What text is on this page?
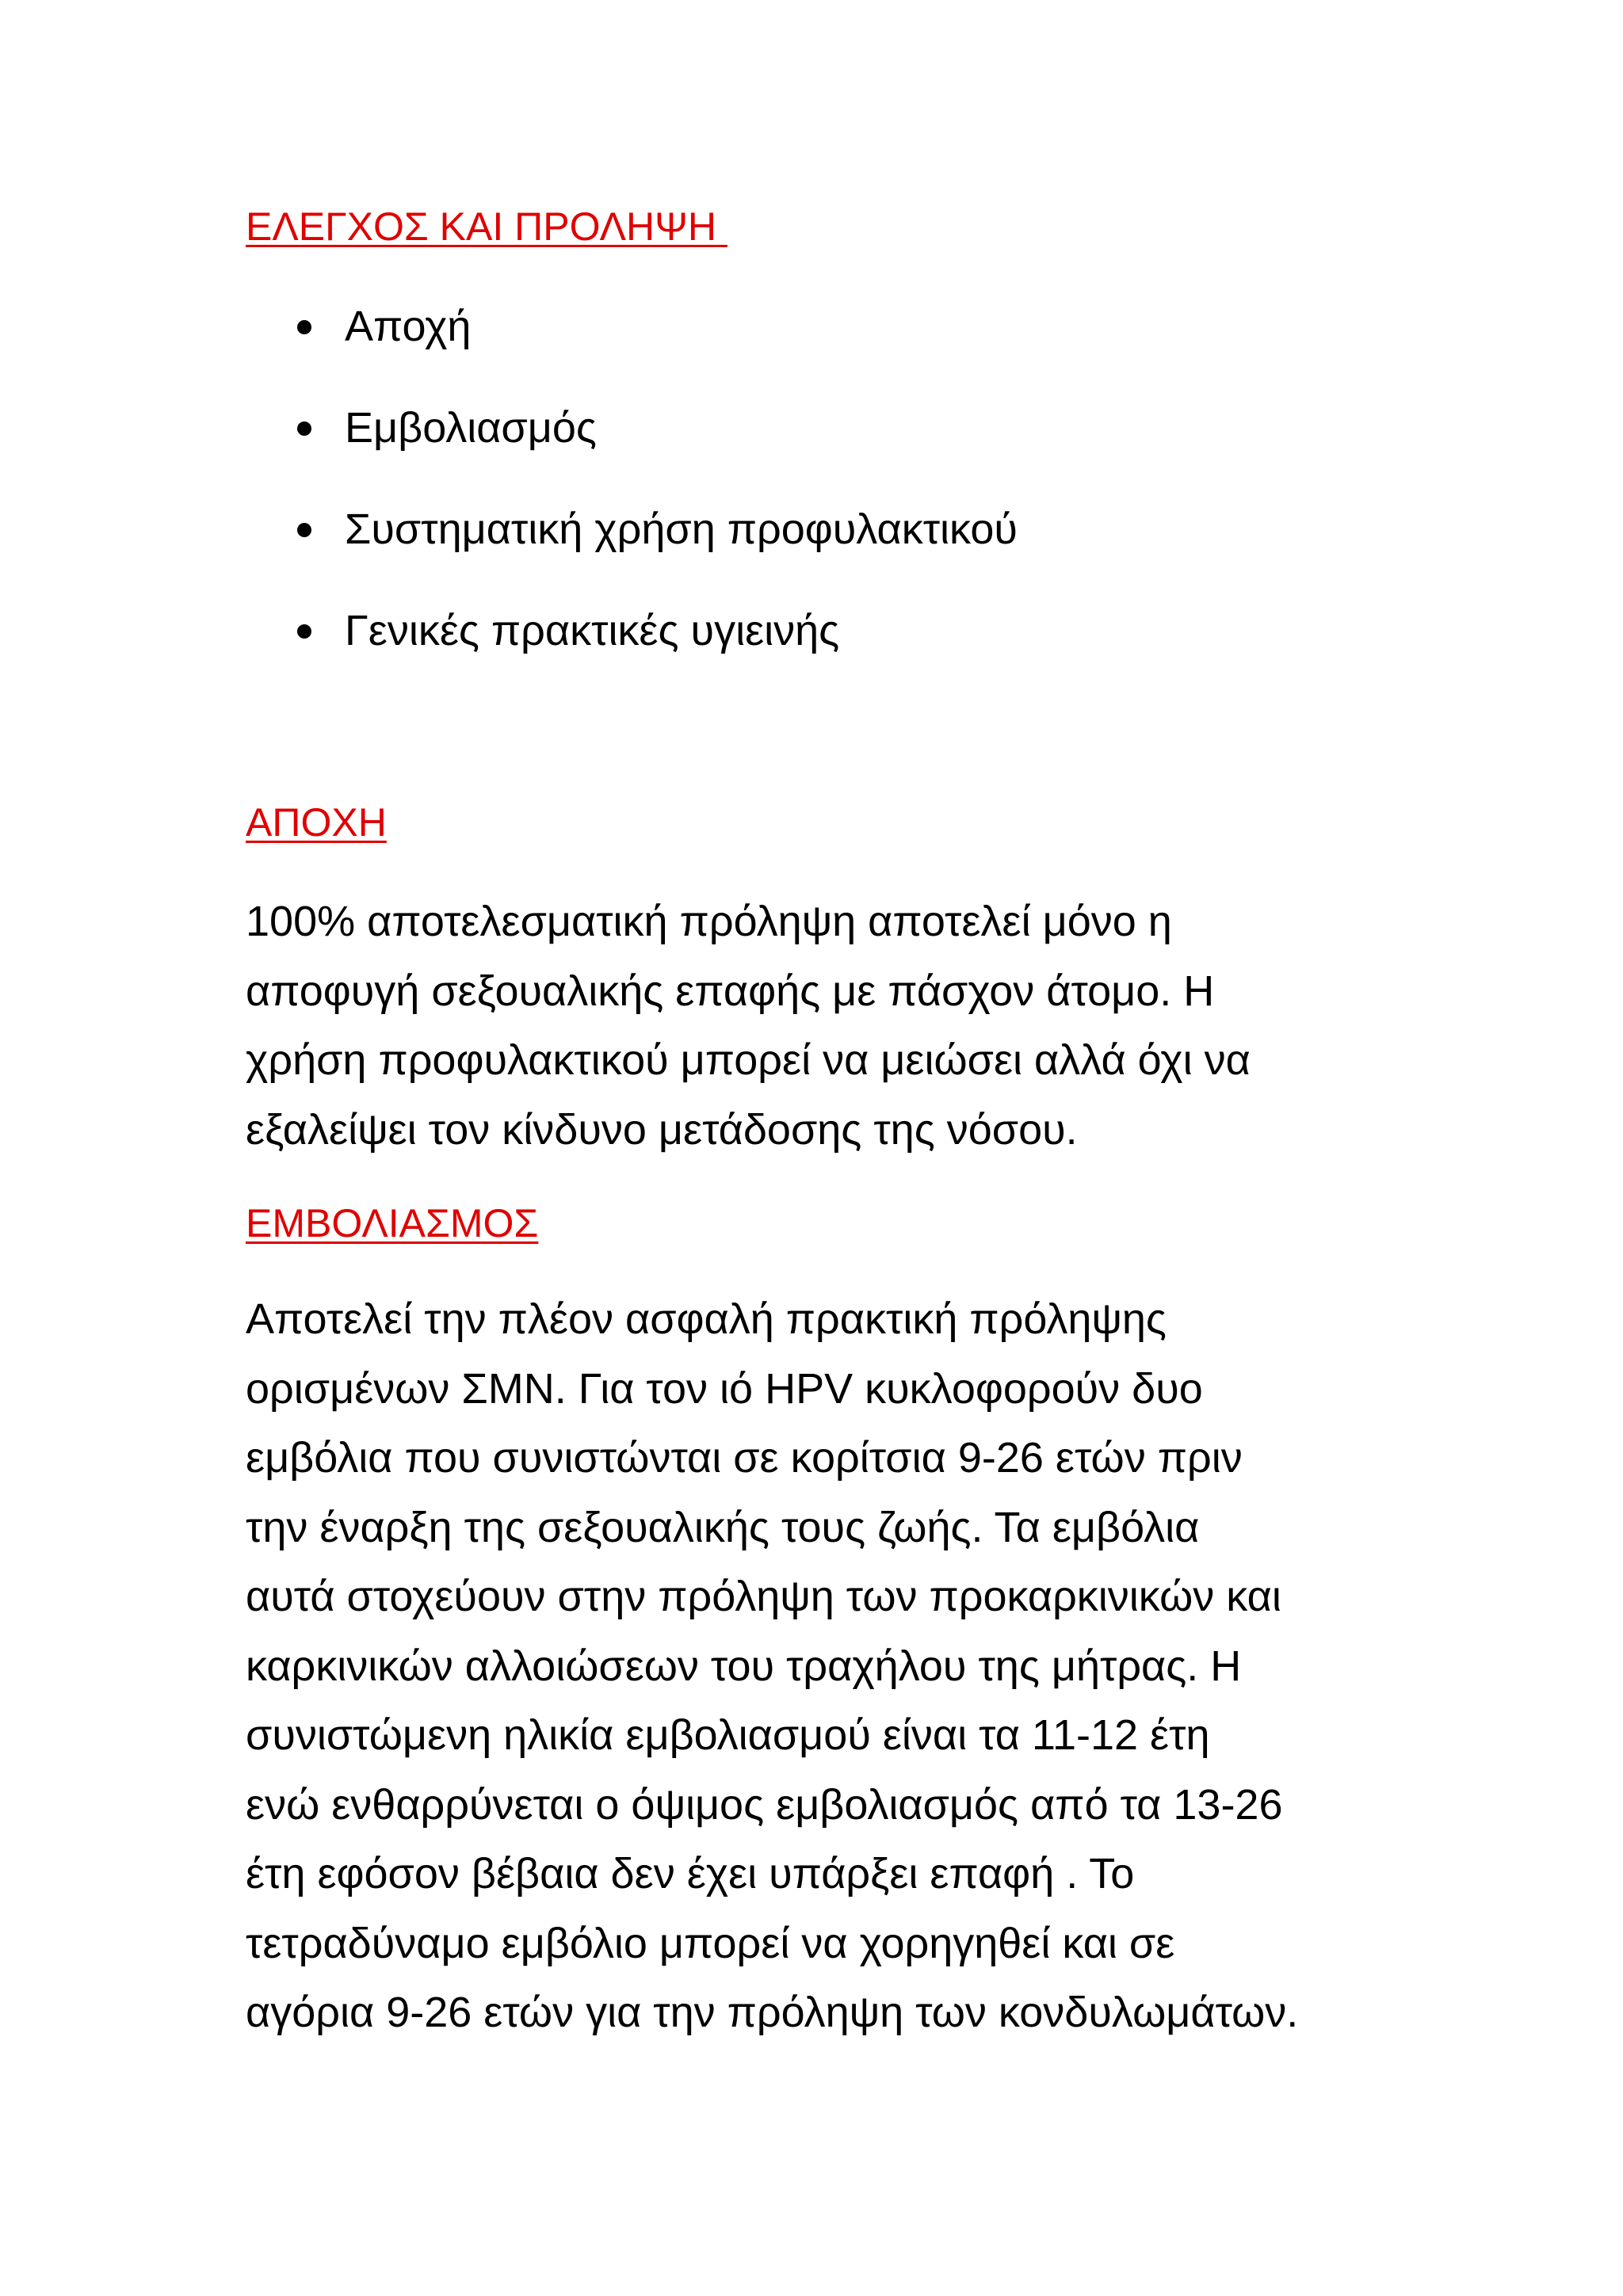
ΕΛΕΓΧΟΣ ΚΑΙ ΠΡΟΛΗΨΗ
Αποχή
Εμβολιασμός
Συστηματική χρήση προφυλακτικού
Γενικές πρακτικές υγιεινής
ΑΠΟΧΗ

100% αποτελεσματική πρόληψη αποτελεί μόνο η
αποφυγή σεξουαλικής επαφής με πάσχον άτομο. Η
χρήση προφυλακτικού μπορεί να μειώσει αλλά όχι να
εξαλείψει τον κίνδυνο μετάδοσης της νόσου.

ΕΜΒΟΛΙΑΣΜΟΣ

Αποτελεί την πλέον ασφαλή πρακτική πρόληψης
ορισμένων ΣΜΝ. Για τον ιό HPV κυκλοφορούν δυο
εμβόλια που συνιστώνται σε κορίτσια 9-26 ετών πριν
την έναρξη της σεξουαλικής τους ζωής. Τα εμβόλια
αυτά στοχεύουν στην πρόληψη των προκαρκινικών και
καρκινικών αλλοιώσεων του τραχήλου της μήτρας. Η
συνιστώμενη ηλικία εμβολιασμού είναι τα 11-12 έτη
ενώ ενθαρρύνεται ο όψιμος εμβολιασμός από τα 13-26
έτη εφόσον βέβαια δεν έχει υπάρξει επαφή . Το
τετραδύναμο εμβόλιο μπορεί να χορηγηθεί και σε
αγόρια 9-26 ετών για την πρόληψη των κονδυλωμάτων.
